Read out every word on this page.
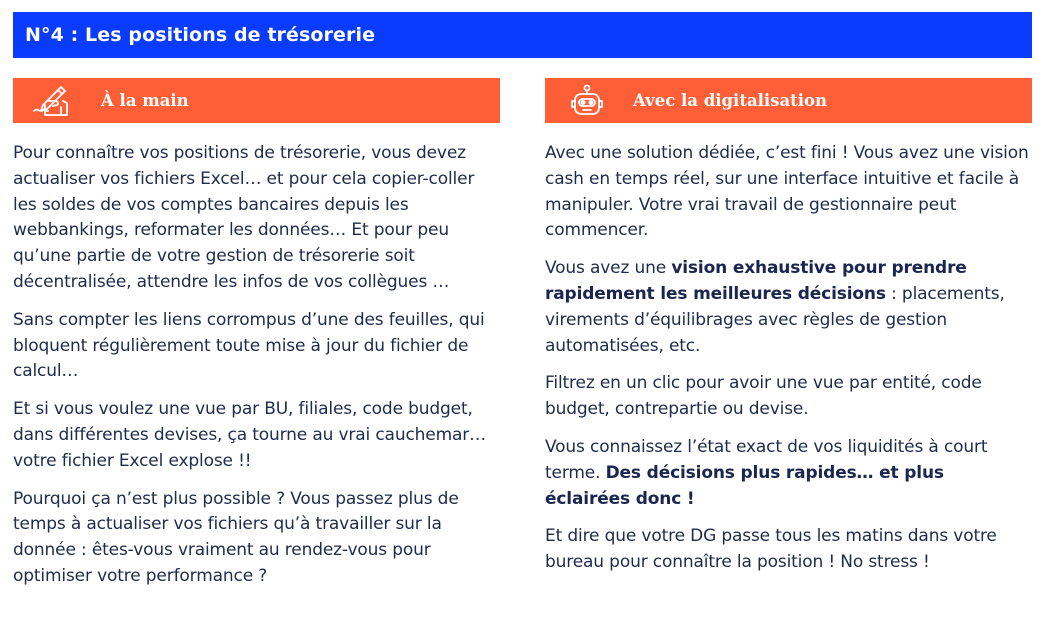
N°4 : Les positions de trésorerie
À la main

Pour connaître vos positions de trésorerie, vous devez actualiser vos fichiers Excel… et pour cela copier-coller les soldes de vos comptes bancaires depuis les webbankings, reformater les données… Et pour peu qu’une partie de votre gestion de trésorerie soit décentralisée, attendre les infos de vos collègues …

Sans compter les liens corrompus d’une des feuilles, qui bloquent régulièrement toute mise à jour du fichier de calcul…

Et si vous voulez une vue par BU, filiales, code budget, dans différentes devises, ça tourne au vrai cauchemar… votre fichier Excel explose !!

Pourquoi ça n’est plus possible ? Vous passez plus de temps à actualiser vos fichiers qu’à travailler sur la donnée : êtes-vous vraiment au rendez-vous pour optimiser votre performance ?

Avec la digitalisation

Avec une solution dédiée, c’est fini ! Vous avez une vision cash en temps réel, sur une interface intuitive et facile à manipuler. Votre vrai travail de gestionnaire peut commencer.

Vous avez une vision exhaustive pour prendre rapidement les meilleures décisions : placements, virements d’équilibrages avec règles de gestion automatisées, etc.

Filtrez en un clic pour avoir une vue par entité, code budget, contrepartie ou devise.

Vous connaissez l’état exact de vos liquidités à court terme. Des décisions plus rapides… et plus éclairées donc !

Et dire que votre DG passe tous les matins dans votre bureau pour connaître la position ! No stress !
